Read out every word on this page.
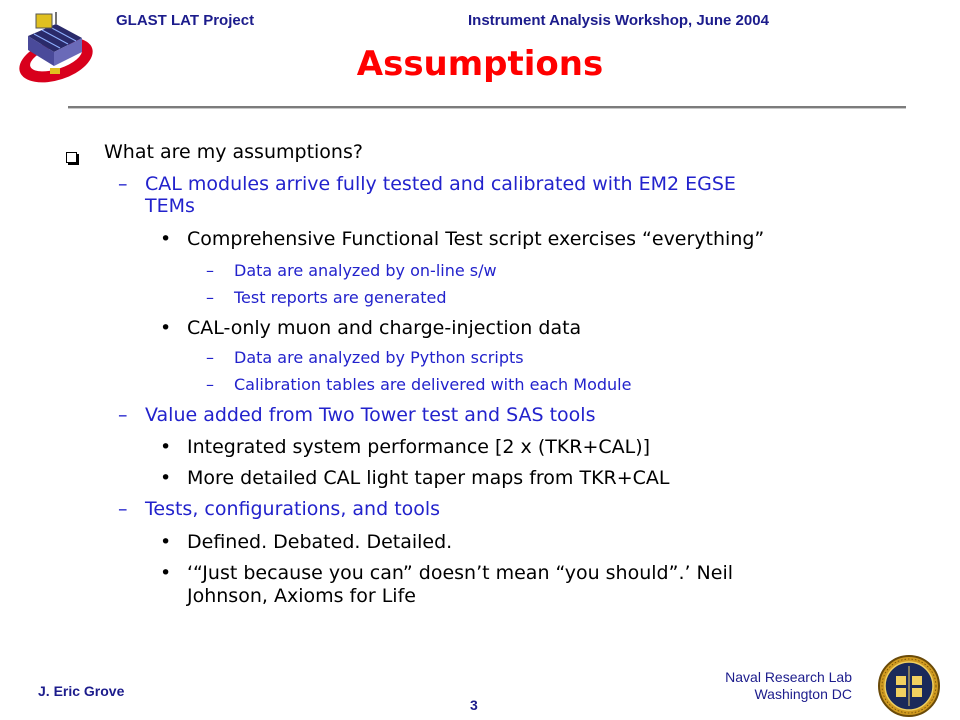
GLAST LAT Project	Instrument Analysis Workshop, June 2004
Assumptions
What are my assumptions?
– CAL modules arrive fully tested and calibrated with EM2 EGSE
TEMs
• Comprehensive Functional Test script exercises “everything”
– Data are analyzed by on-line s/w
– Test reports are generated
• CAL-only muon and charge-injection data
– Data are analyzed by Python scripts
– Calibration tables are delivered with each Module
– Value added from Two Tower test and SAS tools
• Integrated system performance [2 x (TKR+CAL)]
• More detailed CAL light taper maps from TKR+CAL
– Tests, configurations, and tools
• Defined. Debated. Detailed.
• ‘“Just because you can” doesn’t mean “you should”.’ Neil
Johnson, Axioms for Life
J. Eric Grove
3
Naval Research Lab
Washington DC
